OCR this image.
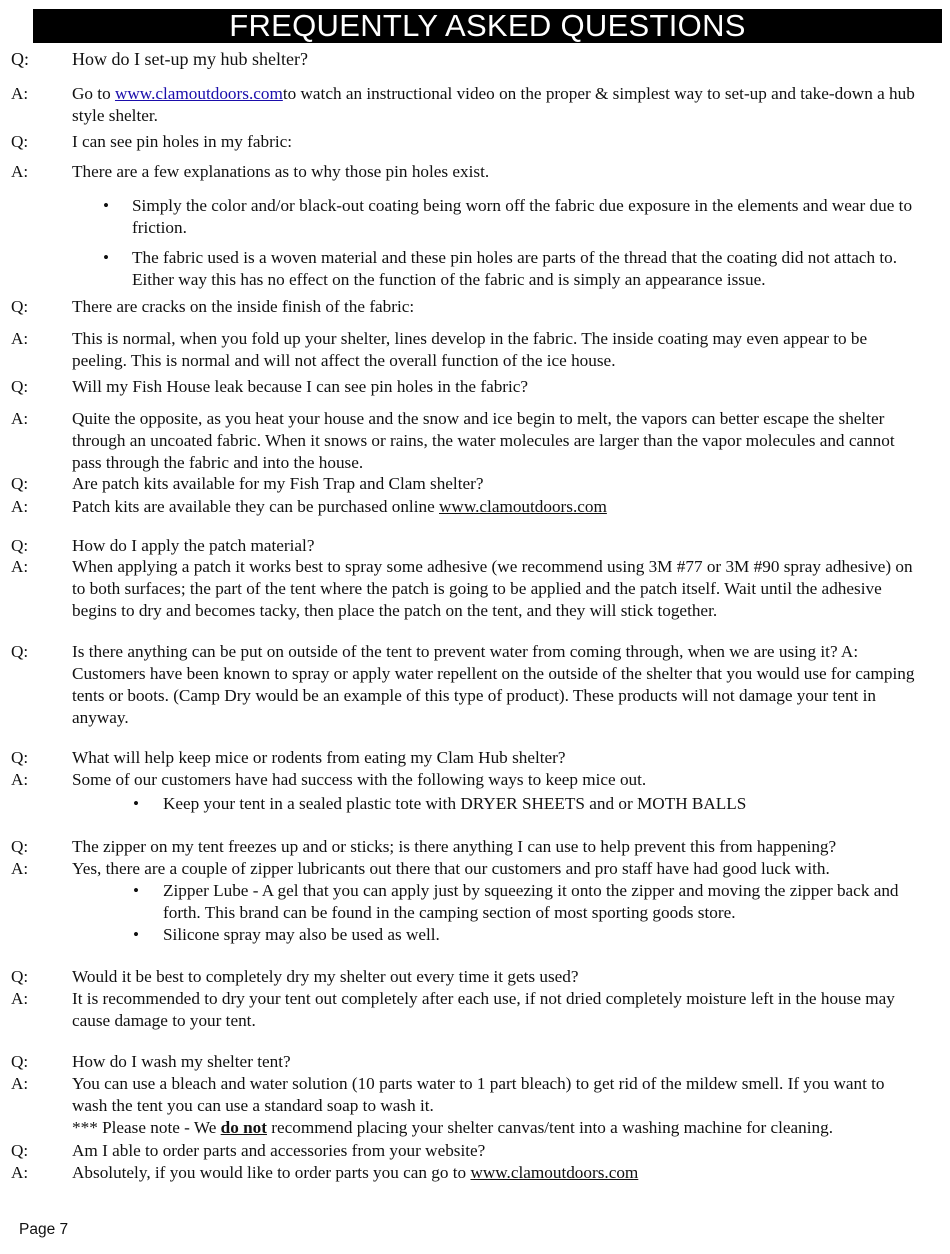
FREQUENTLY ASKED QUESTIONS
Q: How do I set-up my hub shelter?
A:	Go to www.clamoutdoors.comto watch an instructional video on the proper & simplest way to set-up and take-down a hub style shelter.
Q:	I can see pin holes in my fabric:
A:	There are a few explanations as to why those pin holes exist.
• Simply the color and/or black-out coating being worn off the fabric due exposure in the elements and wear due to friction.
• The fabric used is a woven material and these pin holes are parts of the thread that the coating did not attach to. Either way this has no effect on the function of the fabric and is simply an appearance issue.
Q:	There are cracks on the inside finish of the fabric:
A:	This is normal, when you fold up your shelter, lines develop in the fabric. The inside coating may even appear to be peeling. This is normal and will not affect the overall function of the ice house.
Q:	Will my Fish House leak because I can see pin holes in the fabric?
A:	Quite the opposite, as you heat your house and the snow and ice begin to melt, the vapors can better escape the shelter through an uncoated fabric. When it snows or rains, the water molecules are larger than the vapor molecules and cannot pass through the fabric and into the house.
Q:	Are patch kits available for my Fish Trap and Clam shelter?
A:	Patch kits are available they can be purchased online www.clamoutdoors.com
Q:	How do I apply the patch material?
A:	When applying a patch it works best to spray some adhesive (we recommend using 3M #77 or 3M #90 spray adhesive) on to both surfaces; the part of the tent where the patch is going to be applied and the patch itself. Wait until the adhesive begins to dry and becomes tacky, then place the patch on the tent, and they will stick together.
Q:	Is there anything can be put on outside of the tent to prevent water from coming through, when we are using it? A: Customers have been known to spray or apply water repellent on the outside of the shelter that you would use for camping tents or boots. (Camp Dry would be an example of this type of product). These products will not damage your tent in anyway.
Q:	What will help keep mice or rodents from eating my Clam Hub shelter?
A:	Some of our customers have had success with the following ways to keep mice out.
• Keep your tent in a sealed plastic tote with DRYER SHEETS and or MOTH BALLS
Q:	The zipper on my tent freezes up and or sticks; is there anything I can use to help prevent this from happening?
A:	Yes, there are a couple of zipper lubricants out there that our customers and pro staff have had good luck with.
• Zipper Lube - A gel that you can apply just by squeezing it onto the zipper and moving the zipper back and forth. This brand can be found in the camping section of most sporting goods store.
• Silicone spray may also be used as well.
Q:	Would it be best to completely dry my shelter out every time it gets used?
A:	It is recommended to dry your tent out completely after each use, if not dried completely moisture left in the house may cause damage to your tent.
Q:	How do I wash my shelter tent?
A:	You can use a bleach and water solution (10 parts water to 1 part bleach) to get rid of the mildew smell. If you want to wash the tent you can use a standard soap to wash it.
*** Please note - We do not recommend placing your shelter canvas/tent into a washing machine for cleaning.
Q:	Am I able to order parts and accessories from your website?
A:	Absolutely, if you would like to order parts you can go to www.clamoutdoors.com
Page 7
